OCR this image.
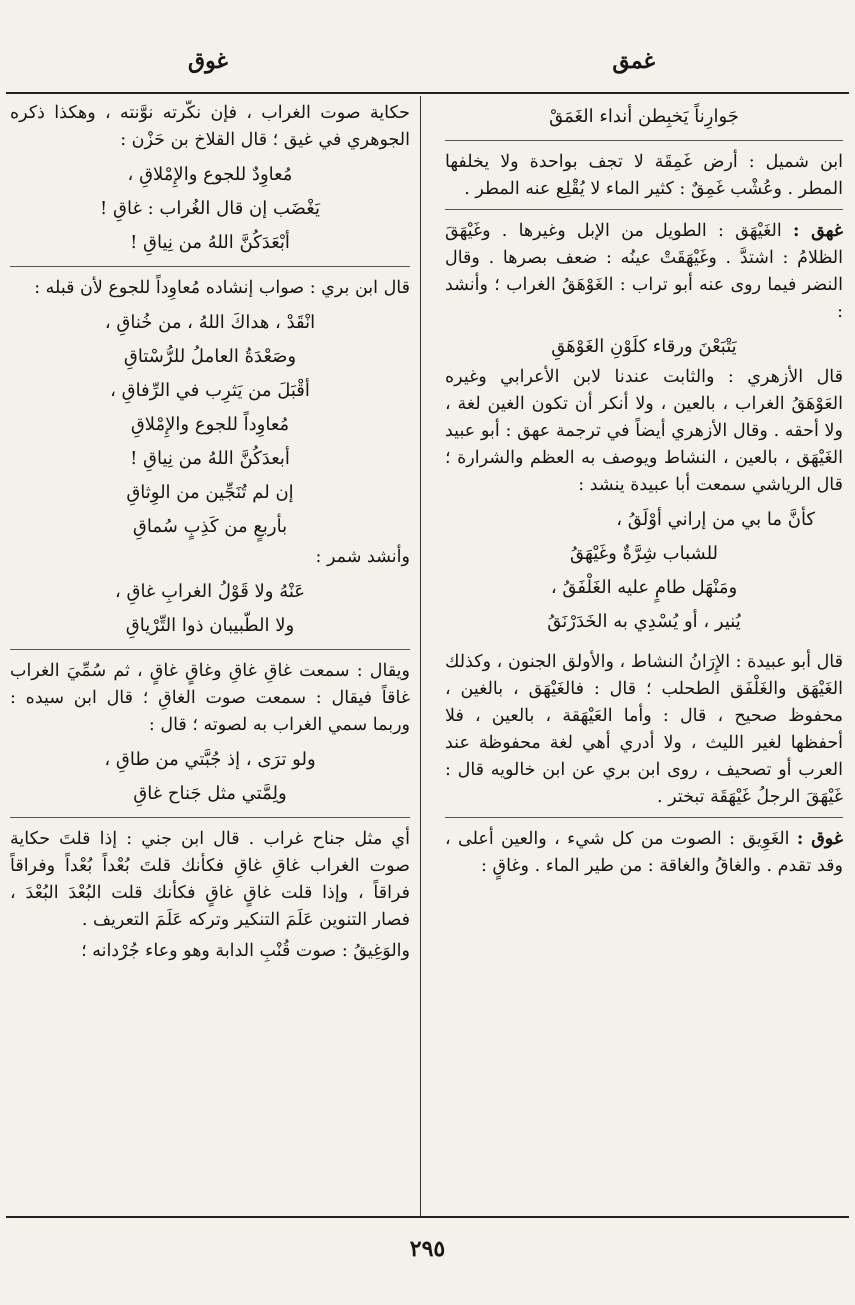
غمق
غوق

جَوارِناً يَخبِطن أنداء الغَمَقْ

ابن شميل : أرض غَمِقَة لا تجف بواحدة ولا يخلفها المطر . وعُشْب غَمِقٌ : كثير الماء لا يُقْلِع عنه المطر .

غهق : الغَيْهَق : الطويل من الإبل وغيرها . وغَيْهَقَ الظلامُ : اشتدَّ . وغَيْهَقَتْ عينُه : ضعف بصرها . وقال النضر فيما روى عنه أبو تراب : الغَوْهَقُ الغراب ؛ وأنشد :

يَتْبَعْنَ ورقاء كلَوْنِ الغَوْهَقِ

قال الأزهري : والثابت عندنا لابن الأعرابي وغيره العَوْهَقُ الغراب ، بالعين ، ولا أنكر أن تكون الغين لغة ، ولا أحقه . وقال الأزهري أيضاً في ترجمة عهق : أبو عبيد الغَيْهَق ، بالعين ، النشاط ويوصف به العظم والشرارة ؛ قال الرياشي سمعت أبا عبيدة ينشد :

كأنَّ ما بي من إراني أوْلَقُ ،

للشباب شِرَّةٌ وغَيْهَقُ

ومَنْهَل طامٍ عليه الغَلْفَقُ ،

يُنير ، أو يُسْدِي به الخَدَرْنَقُ

قال أبو عبيدة : الإِرَانُ النشاط ، والأولق الجنون ، وكذلك الغَيْهَق والغَلْفَق الطحلب ؛ قال : فالغَيْهَق ، بالغين ، محفوظ صحيح ، قال : وأما العَيْهَقة ، بالعين ، فلا أحفظها لغير الليث ، ولا أدري أهي لغة محفوظة عند العرب أو تصحيف ، روى ابن بري عن ابن خالويه قال : غَيْهَقَ الرجلُ غَيْهَقَة تبختر .

غوق : الغَوِيق : الصوت من كل شيء ، والعين أعلى ، وقد تقدم . والغاقُ والغاقة : من طير الماء . وغاقٍ :

حكاية صوت الغراب ، فإن نكَّرته نوَّنته ، وهكذا ذكره الجوهري في غيق ؛ قال القلاخ بن حَزْن :

مُعاوِدٌ للجوع والإِمْلاقِ ،

يَغْضَب إن قال الغُراب : غاقِ !

أبْعَدَكُنَّ اللهُ من نِياقِ !

قال ابن بري : صواب إنشاده مُعاوِداً للجوع لأن قبله :

انْقَدْ ، هداكَ اللهُ ، من خُناقِ ،

وصَعْدَةُ العاملُ للرُّسْتاقِ

أقْبَلَ من يَثرِب في الرِّفاقِ ،

مُعاوِداً للجوع والإِمْلاقِ

أبعدَكُنَّ اللهُ من نِياقِ !

إن لم تُنَجِّين من الوِثاقِ

بأربعٍ من كَذِبٍ سُماقِ

وأنشد شمر :

عَنْهُ ولا قَوْلُ الغرابِ غاقِ ،

ولا الطّبيبان ذوا التِّرْياقِ

ويقال : سمعت غاقِ غاقِ وغاقٍ غاقٍ ، ثم سُمِّيَ الغراب غاقاً فيقال : سمعت صوت الغاقِ ؛ قال ابن سيده : وربما سمي الغراب به لصوته ؛ قال :

ولو ترَى ، إذ جُبَّتي من طاقِ ،

ولِمَّتي مثل جَناح غاقِ

أي مثل جناح غراب . قال ابن جني : إذا قلتَ حكاية صوت الغراب غاقِ غاقِ فكأنك قلتَ بُعْداً بُعْداً وفراقاً فراقاً ، وإذا قلت غاقٍ غاقٍ فكأنك قلت البُعْدَ البُعْدَ ، فصار التنوين عَلَمَ التنكير وتركه عَلَمَ التعريف .

والوَغِيقُ : صوت قُنْبِ الدابة وهو وعاء جُرْدانه ؛

٢٩٥
